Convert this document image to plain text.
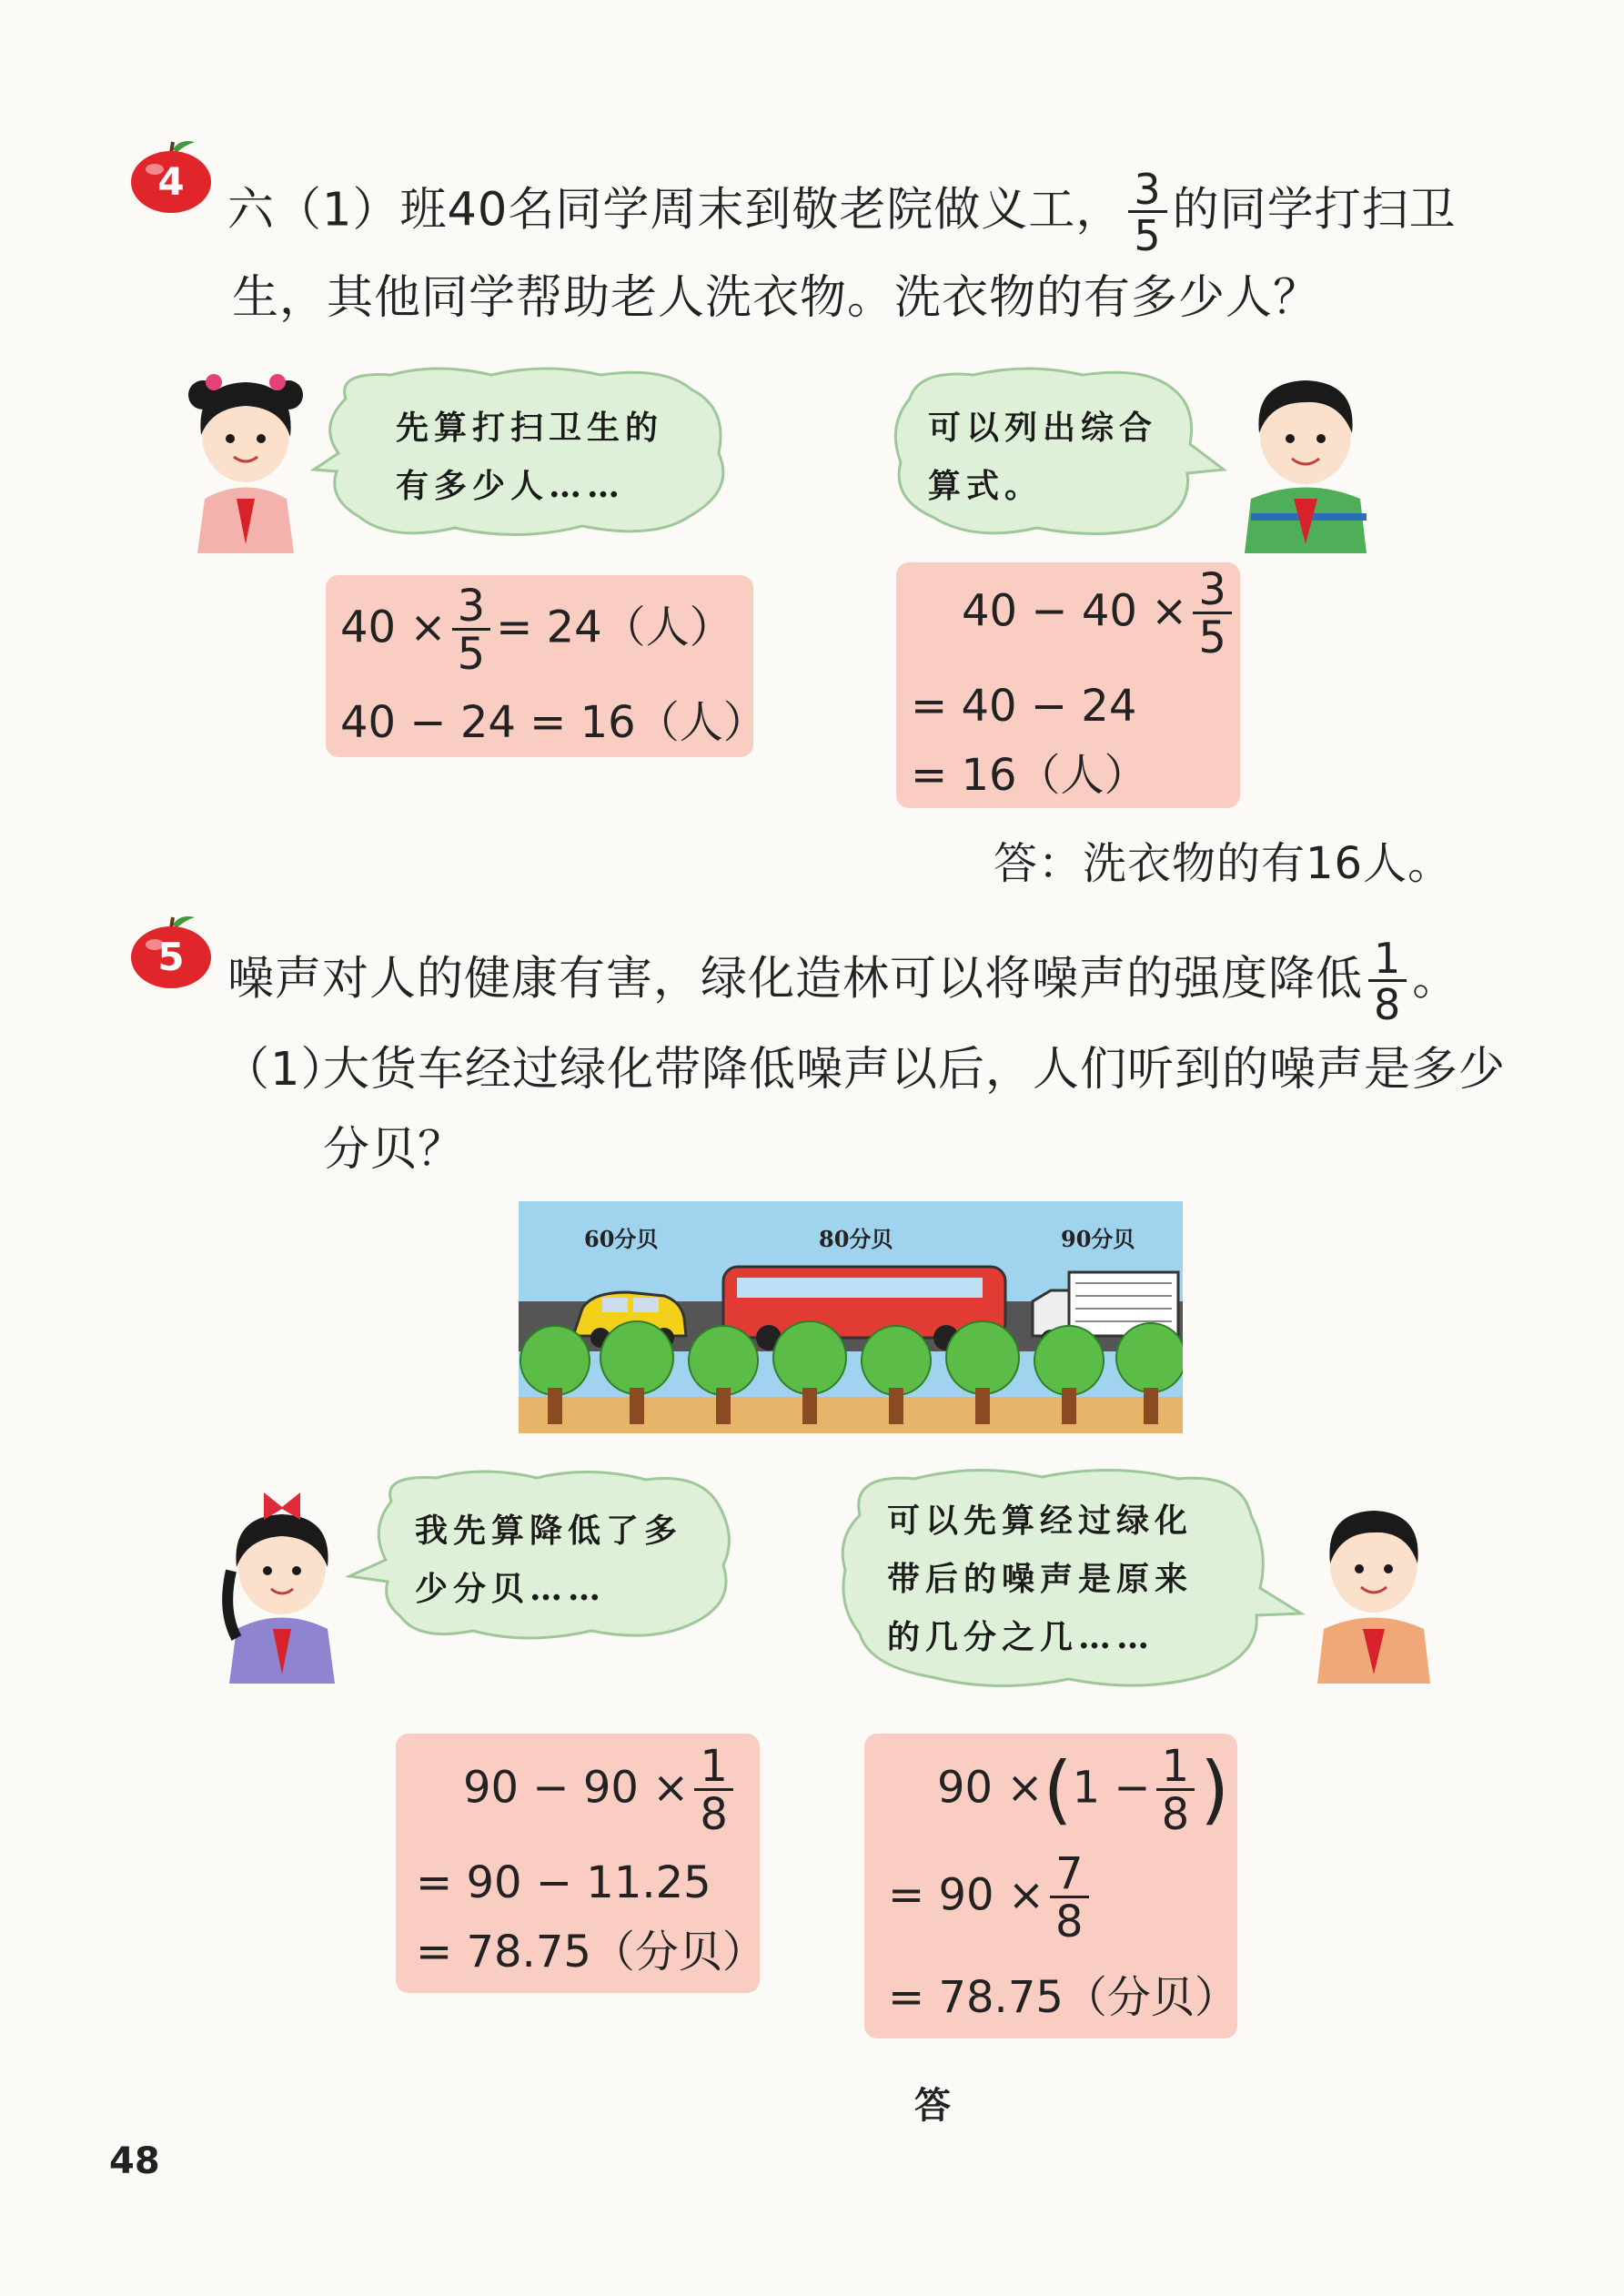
4
六（1）班40名同学周末到敬老院做义工， $\frac{3}{5}$ 的同学打扫卫
生，其他同学帮助老人洗衣物。洗衣物的有多少人？
先算打扫卫生的
有多少人……
可以列出综合
算式。
$40 \times \frac{3}{5} = 24$（人）
40 − 24 = 16（人）
$40 - 40 \times \frac{3}{5}$
= 40 − 24
= 16（人）
答：洗衣物的有16人。
5 噪声对人的健康有害，绿化造林可以将噪声的强度降低 $\frac{1}{8}$ 。
（1）
大货车经过绿化带降低噪声以后，人们听到的噪声是多少
分贝？
60分贝	80分贝	90分贝
我先算降低了多
少分贝……
可以先算经过绿化
带后的噪声是原来
的几分之几……
$90 - 90 \times \frac{1}{8}$
= 90 − 11.25
= 78.75（分贝）
$90 \times(1 - \frac{1}{8}$ )
= $90 \times \frac{7}{8}$
= 78.75（分贝）
答
48
